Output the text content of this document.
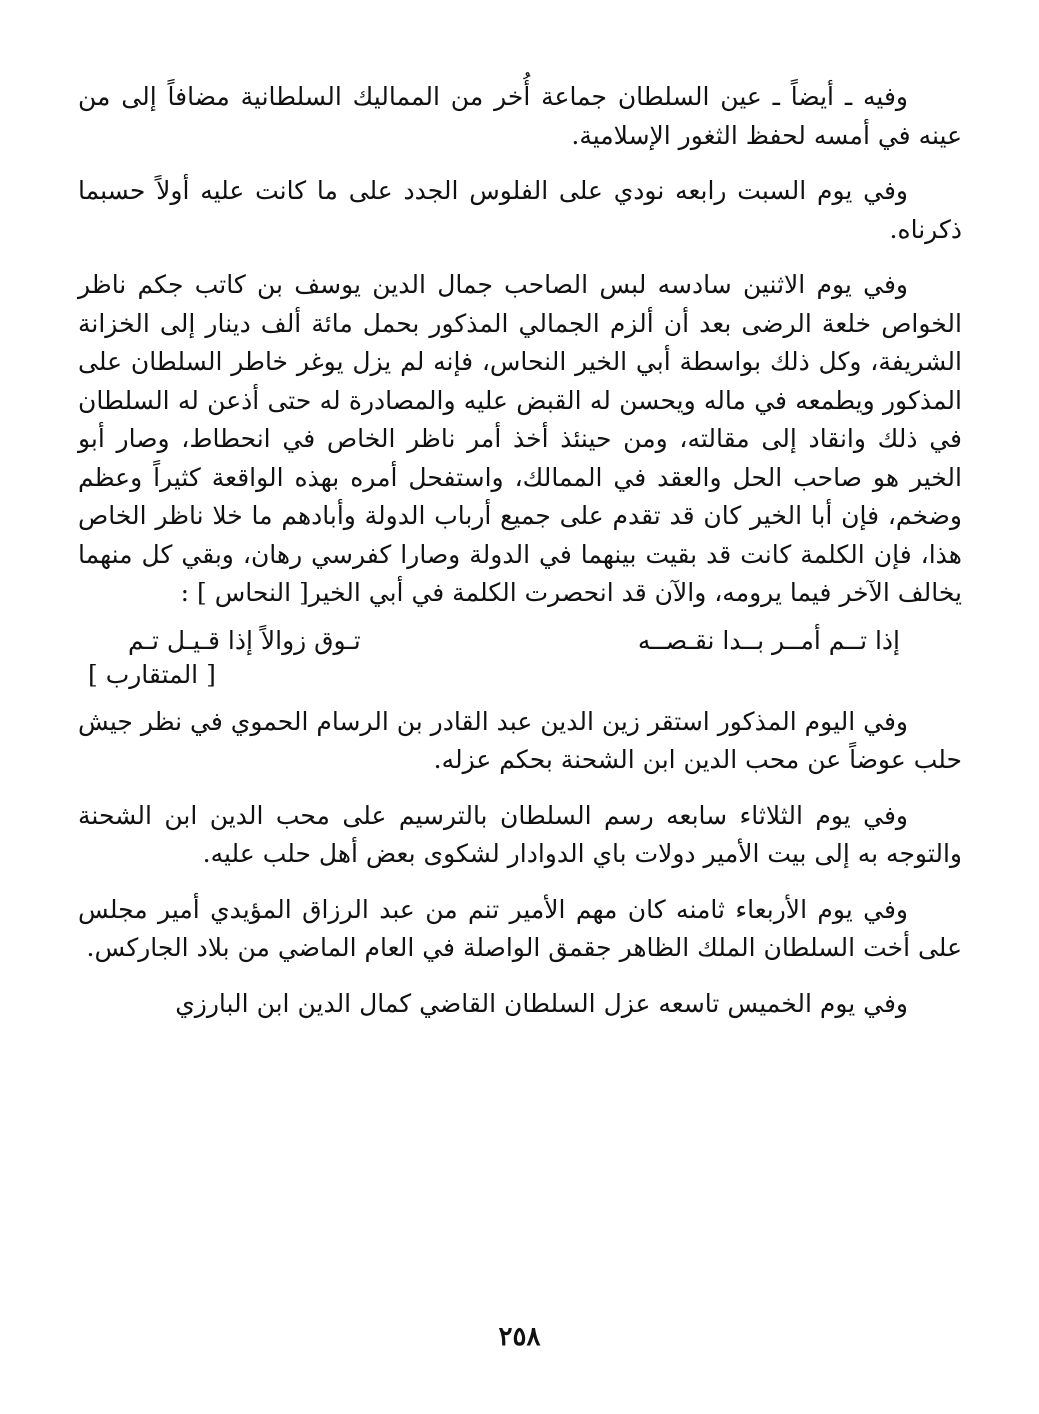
وفيه ـ أيضاً ـ عين السلطان جماعة أُخر من المماليك السلطانية مضافاً إلى من عينه في أمسه لحفظ الثغور الإسلامية.

وفي يوم السبت رابعه نودي على الفلوس الجدد على ما كانت عليه أولاً حسبما ذكرناه.

وفي يوم الاثنين سادسه لبس الصاحب جمال الدين يوسف بن كاتب جكم ناظر الخواص خلعة الرضى بعد أن ألزم الجمالي المذكور بحمل مائة ألف دينار إلى الخزانة الشريفة، وكل ذلك بواسطة أبي الخير النحاس، فإنه لم يزل يوغر خاطر السلطان على المذكور ويطمعه في ماله ويحسن له القبض عليه والمصادرة له حتى أذعن له السلطان في ذلك وانقاد إلى مقالته، ومن حينئذ أخذ أمر ناظر الخاص في انحطاط، وصار أبو الخير هو صاحب الحل والعقد في الممالك، واستفحل أمره بهذه الواقعة كثيراً وعظم وضخم، فإن أبا الخير كان قد تقدم على جميع أرباب الدولة وأبادهم ما خلا ناظر الخاص هذا، فإن الكلمة كانت قد بقيت بينهما في الدولة وصارا كفرسي رهان، وبقي كل منهما يخالف الآخر فيما يرومه، والآن قد انحصرت الكلمة في أبي الخير[ النحاس ] :

إذا تــم أمــر بــدا نقـصــه
تـوق زوالاً إذا قـيـل تـم
[ المتقارب ]

وفي اليوم المذكور استقر زين الدين عبد القادر بن الرسام الحموي في نظر جيش حلب عوضاً عن محب الدين ابن الشحنة بحكم عزله.

وفي يوم الثلاثاء سابعه رسم السلطان بالترسيم على محب الدين ابن الشحنة والتوجه به إلى بيت الأمير دولات باي الدوادار لشكوى بعض أهل حلب عليه.

وفي يوم الأربعاء ثامنه كان مهم الأمير تنم من عبد الرزاق المؤيدي أمير مجلس على أخت السلطان الملك الظاهر جقمق الواصلة في العام الماضي من بلاد الجاركس.

وفي يوم الخميس تاسعه عزل السلطان القاضي كمال الدين ابن البارزي

٢٥٨
